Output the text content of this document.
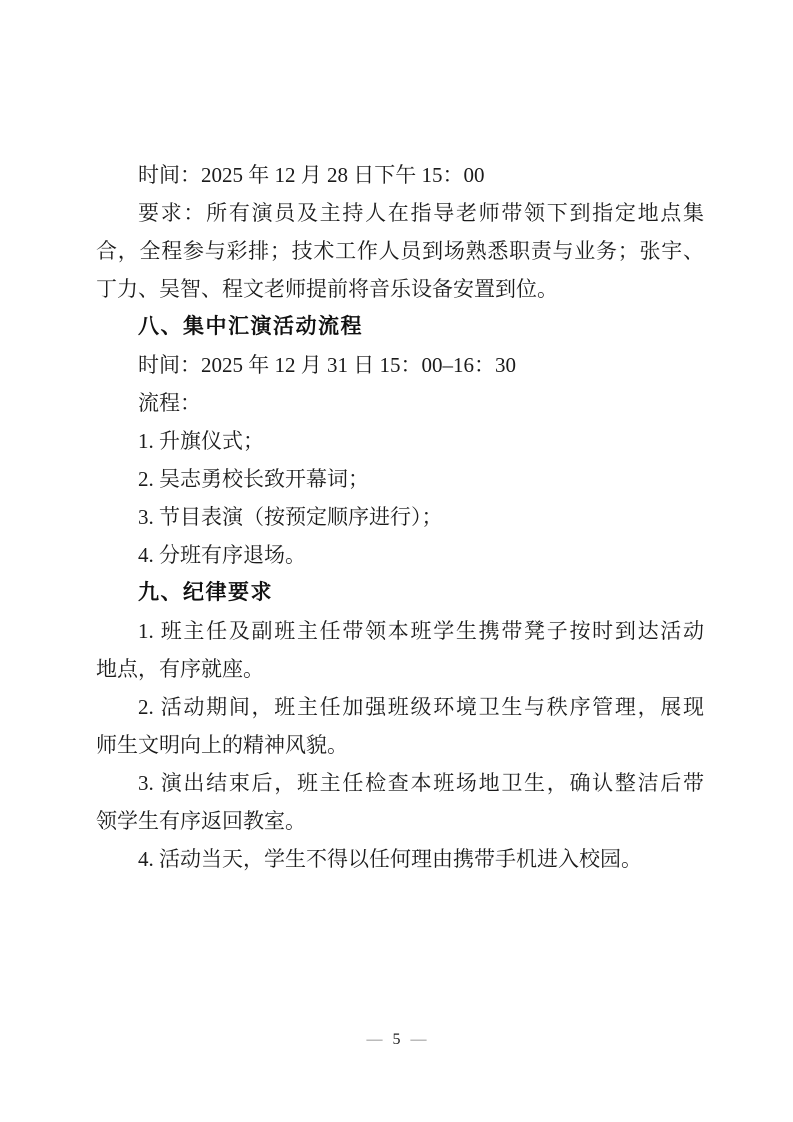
时间：2025 年 12 月 28 日下午 15：00
要求：所有演员及主持人在指导老师带领下到指定地点集
合，全程参与彩排；技术工作人员到场熟悉职责与业务；张宇、
丁力、吴智、程文老师提前将音乐设备安置到位。
八、集中汇演活动流程
时间：2025 年 12 月 31 日 15：00–16：30
流程：
1. 升旗仪式；
2. 吴志勇校长致开幕词；
3. 节目表演（按预定顺序进行）；
4. 分班有序退场。
九、纪律要求
1. 班主任及副班主任带领本班学生携带凳子按时到达活动
地点，有序就座。
2. 活动期间，班主任加强班级环境卫生与秩序管理，展现
师生文明向上的精神风貌。
3. 演出结束后，班主任检查本班场地卫生，确认整洁后带
领学生有序返回教室。
4. 活动当天，学生不得以任何理由携带手机进入校园。
— 5 —
